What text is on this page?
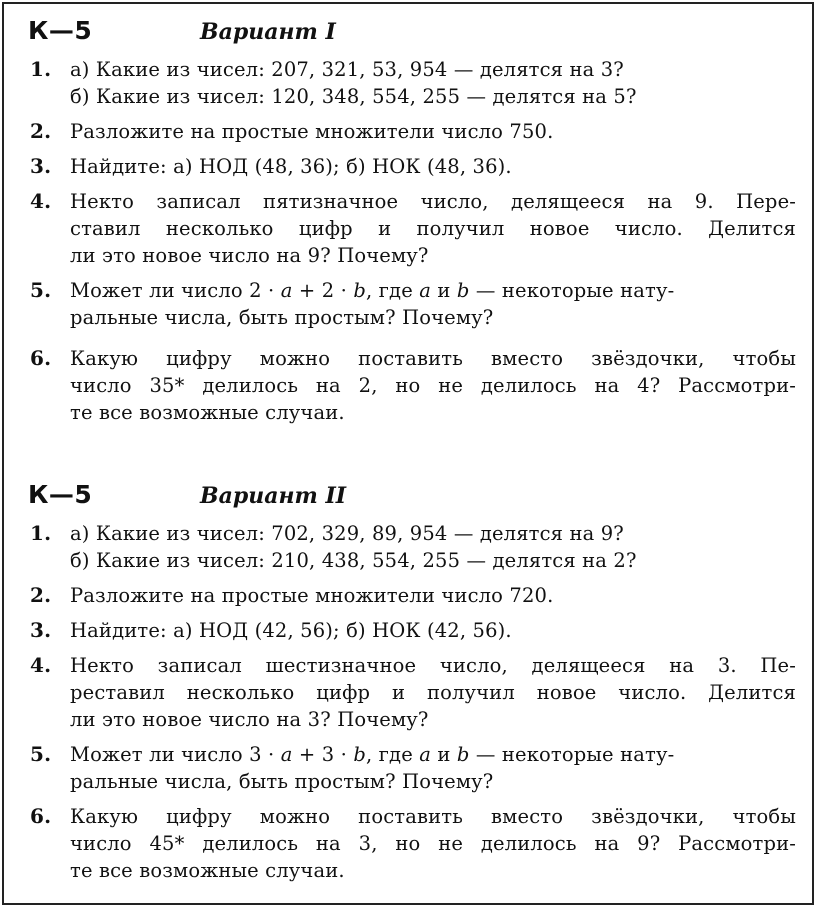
К—5	Вариант I
1. а) Какие из чисел: 207, 321, 53, 954 — делятся на 3?
б) Какие из чисел: 120, 348, 554, 255 — делятся на 5?
2. Разложите на простые множители число 750.
3. Найдите: а) НОД (48, 36); б) НОК (48, 36).
4. Некто записал пятизначное число, делящееся на 9. Пере-
ставил несколько цифр и получил новое число. Делится
ли это новое число на 9? Почему?
5. Может ли число 2 · a + 2 · b, где a и b — некоторые нату-
ральные числа, быть простым? Почему?
6. Какую цифру можно поставить вместо звёздочки, чтобы
число 35* делилось на 2, но не делилось на 4? Рассмотри-
те все возможные случаи.
К—5	Вариант II
1. а) Какие из чисел: 702, 329, 89, 954 — делятся на 9?
б) Какие из чисел: 210, 438, 554, 255 — делятся на 2?
2. Разложите на простые множители число 720.
3. Найдите: а) НОД (42, 56); б) НОК (42, 56).
4. Некто записал шестизначное число, делящееся на 3. Пе-
реставил несколько цифр и получил новое число. Делится
ли это новое число на 3? Почему?
5. Может ли число 3 · a + 3 · b, где a и b — некоторые нату-
ральные числа, быть простым? Почему?
6. Какую цифру можно поставить вместо звёздочки, чтобы
число 45* делилось на 3, но не делилось на 9? Рассмотри-
те все возможные случаи.
